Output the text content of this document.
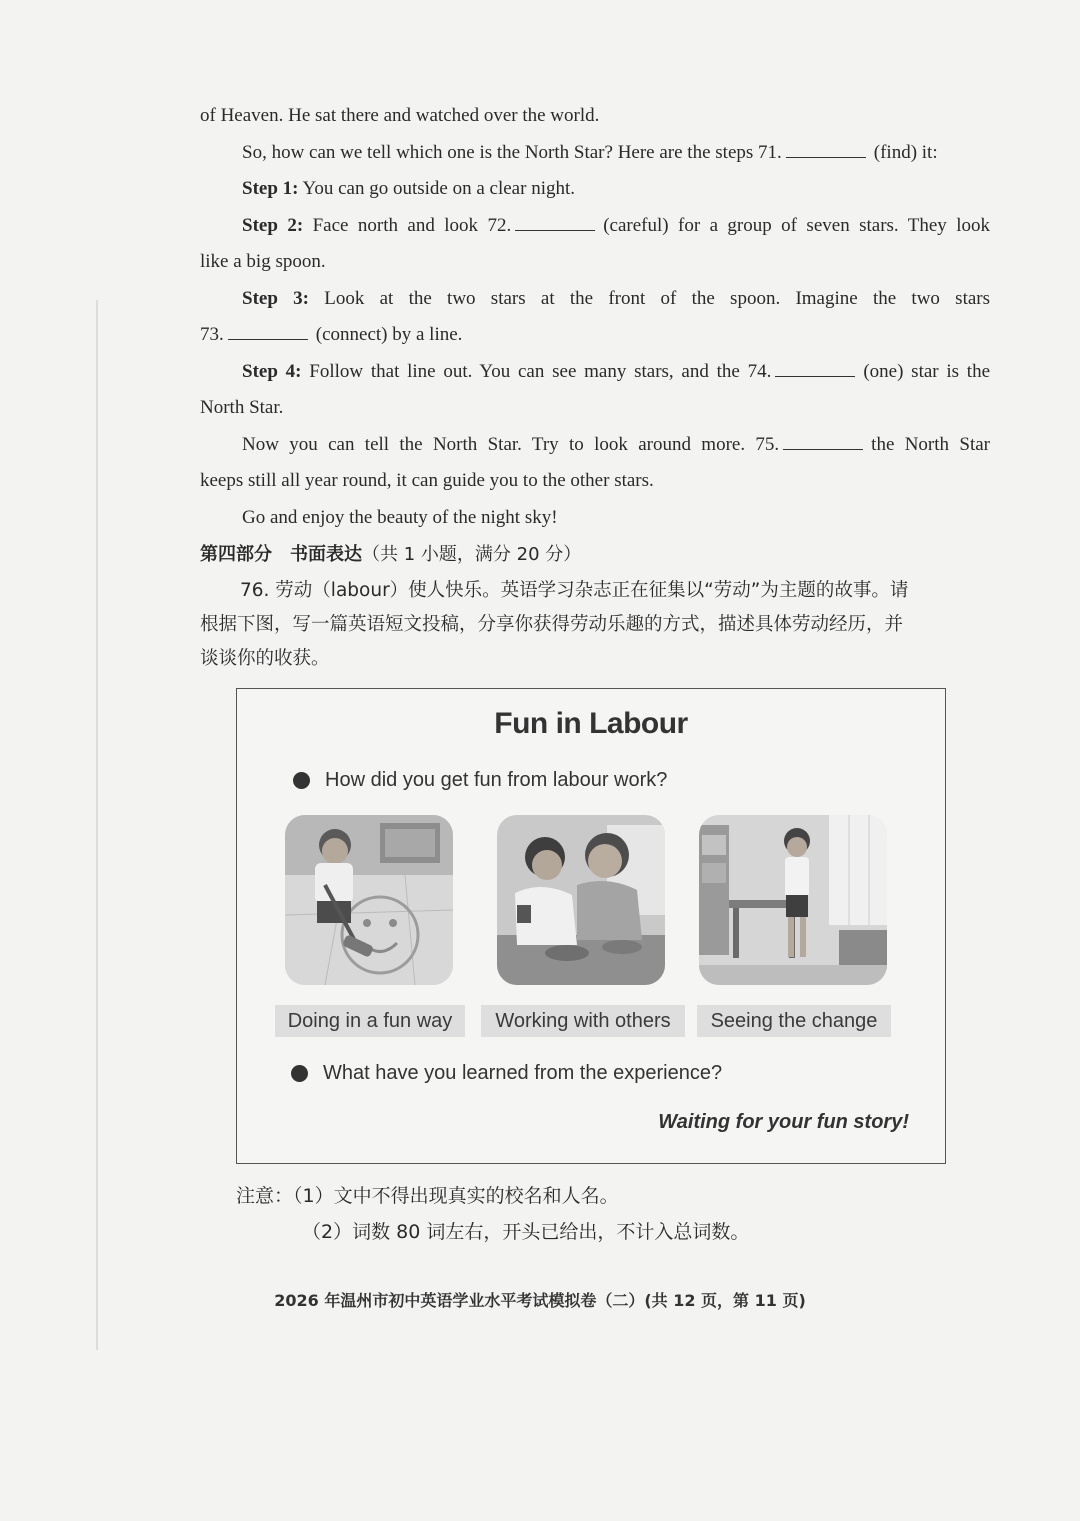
of Heaven. He sat there and watched over the world.
So, how can we tell which one is the North Star? Here are the steps 71.	(find) it:
Step 1: You can go outside on a clear night.
Step 2: Face north and look 72.	(careful) for a group of seven stars. They look
like a big spoon.
Step 3: Look at the two stars at the front of the spoon. Imagine the two stars
73.	(connect) by a line.
Step 4: Follow that line out. You can see many stars, and the 74.	(one) star is the
North Star.
Now you can tell the North Star. Try to look around more. 75.	the North Star
keeps still all year round, it can guide you to the other stars.
Go and enjoy the beauty of the night sky!
第四部分　书面表达（共 1 小题，满分 20 分）
76. 劳动（labour）使人快乐。英语学习杂志正在征集以“劳动”为主题的故事。请
根据下图，写一篇英语短文投稿，分享你获得劳动乐趣的方式，描述具体劳动经历，并
谈谈你的收获。
Fun in Labour
How did you get fun from labour work?
Doing in a fun way	Working with others	Seeing the change
What have you learned from the experience?
Waiting for your fun story!
注意：（1）文中不得出现真实的校名和人名。
（2）词数 80 词左右，开头已给出，不计入总词数。
2026 年温州市初中英语学业水平考试模拟卷（二）(共 12 页，第 11 页)
